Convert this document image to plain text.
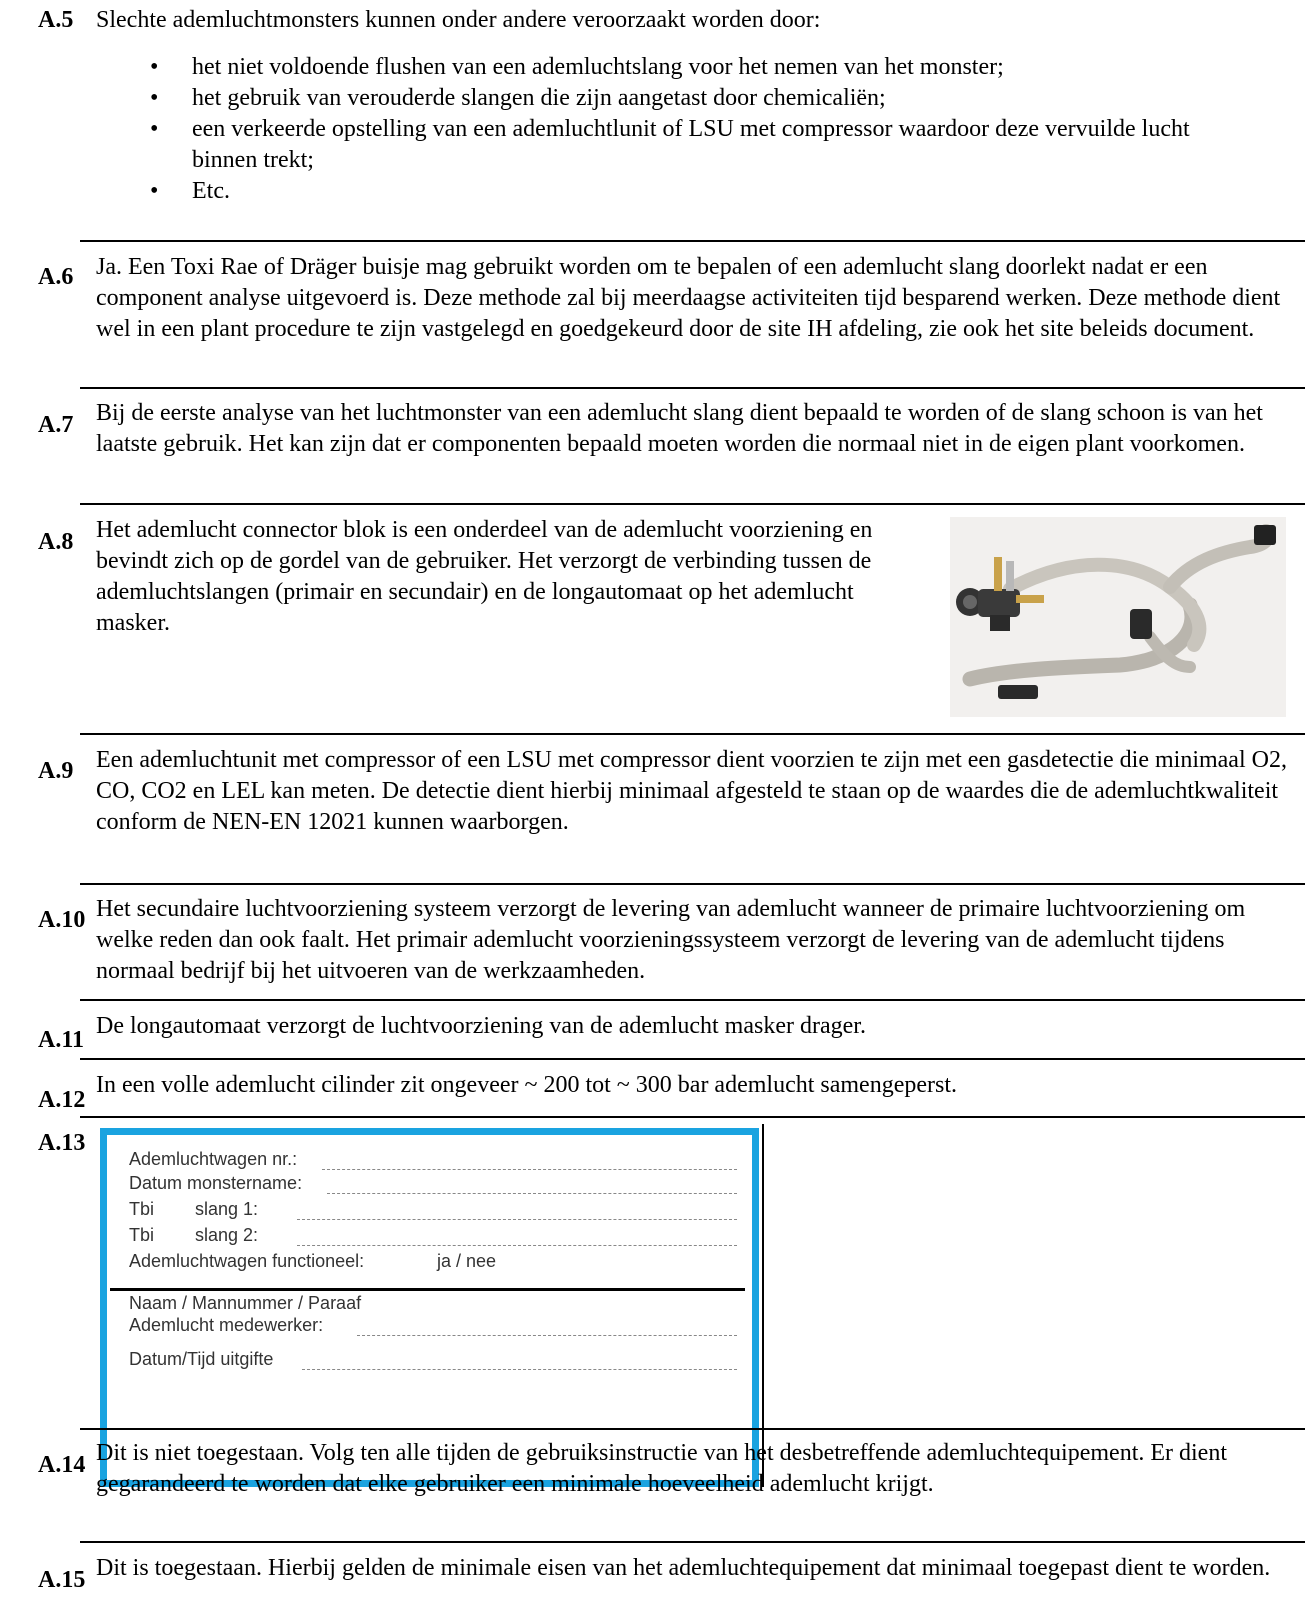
A.5 Slechte ademluchtmonsters kunnen onder andere veroorzaakt worden door:
• het niet voldoende flushen van een ademluchtslang voor het nemen van het monster;
• het gebruik van verouderde slangen die zijn aangetast door chemicaliën;
• een verkeerde opstelling van een ademluchtlunit of LSU met compressor waardoor deze vervuilde lucht binnen trekt;
• Etc.
A.6 Ja. Een Toxi Rae of Dräger buisje mag gebruikt worden om te bepalen of een ademlucht slang doorlekt nadat er een component analyse uitgevoerd is. Deze methode zal bij meerdaagse activiteiten tijd besparend werken. Deze methode dient wel in een plant procedure te zijn vastgelegd en goedgekeurd door de site IH afdeling, zie ook het site beleids document.
A.7 Bij de eerste analyse van het luchtmonster van een ademlucht slang dient bepaald te worden of de slang schoon is van het laatste gebruik. Het kan zijn dat er componenten bepaald moeten worden die normaal niet in de eigen plant voorkomen.
A.8 Het ademlucht connector blok is een onderdeel van de ademlucht voorziening en bevindt zich op de gordel van de gebruiker. Het verzorgt de verbinding tussen de ademluchtslangen (primair en secundair) en de longautomaat op het ademlucht masker.
A.9 Een ademluchtunit met compressor of een LSU met compressor dient voorzien te zijn met een gasdetectie die minimaal O2, CO, CO2 en LEL kan meten. De detectie dient hierbij minimaal afgesteld te staan op de waardes die de ademluchtkwaliteit conform de NEN-EN 12021 kunnen waarborgen.
A.10 Het secundaire luchtvoorziening systeem verzorgt de levering van ademlucht wanneer de primaire luchtvoorziening om welke reden dan ook faalt. Het primair ademlucht voorzieningssysteem verzorgt de levering van de ademlucht tijdens normaal bedrijf bij het uitvoeren van de werkzaamheden.
A.11
De longautomaat verzorgt de luchtvoorziening van de ademlucht masker drager.
A.12
In een volle ademlucht cilinder zit ongeveer ~ 200 tot ~ 300 bar ademlucht samengeperst.
A.13
Ademluchtwagen nr.:
Datum monstername:
Tbi slang 1:
Tbi slang 2:
Ademluchtwagen functioneel:	ja / nee
Naam / Mannummer / Paraaf
Ademlucht medewerker:
Datum/Tijd uitgifte
A.14 Dit is niet toegestaan. Volg ten alle tijden de gebruiksinstructie van het desbetreffende ademluchtequipement. Er dient gegarandeerd te worden dat elke gebruiker een minimale hoeveelheid ademlucht krijgt.
A.15 Dit is toegestaan. Hierbij gelden de minimale eisen van het ademluchtequipement dat minimaal toegepast dient te worden.
